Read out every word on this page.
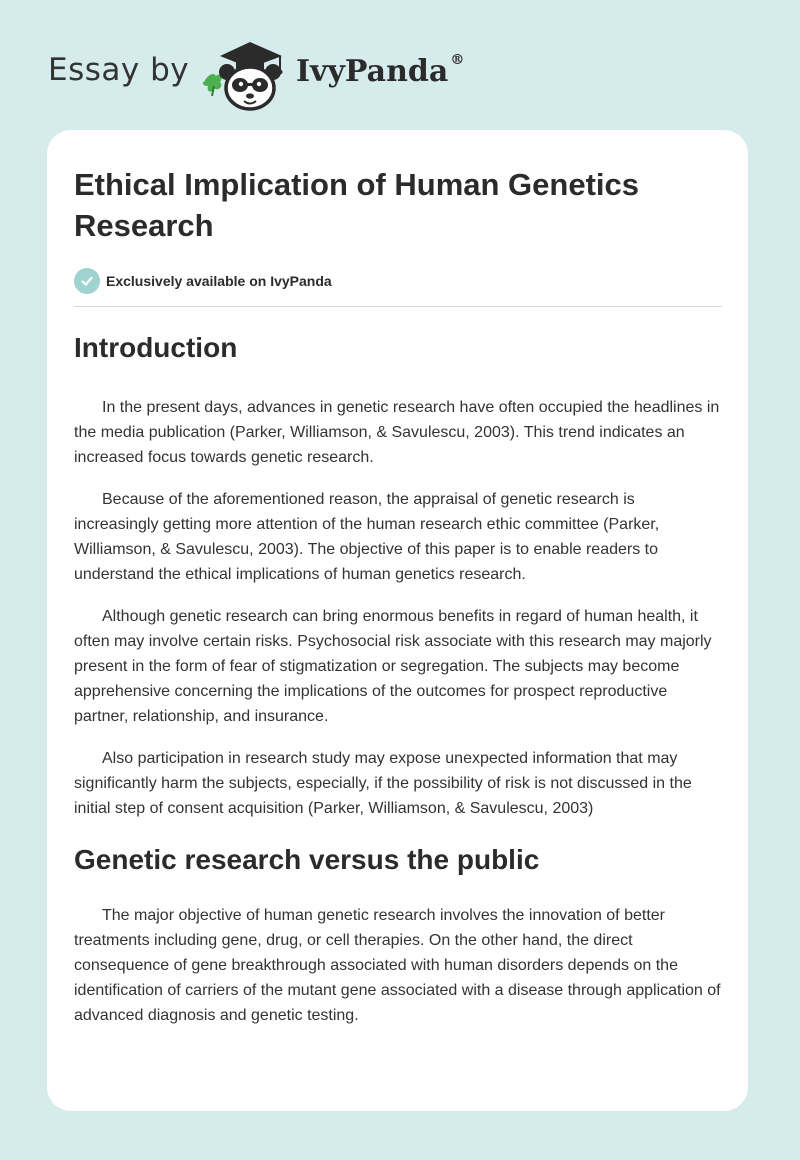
Essay by	IvyPanda ®
Ethical Implication of Human Genetics Research
Exclusively available on IvyPanda
Introduction

In the present days, advances in genetic research have often occupied the headlines in the media publication (Parker, Williamson, & Savulescu, 2003). This trend indicates an increased focus towards genetic research.

Because of the aforementioned reason, the appraisal of genetic research is increasingly getting more attention of the human research ethic committee (Parker, Williamson, & Savulescu, 2003). The objective of this paper is to enable readers to understand the ethical implications of human genetics research.

Although genetic research can bring enormous benefits in regard of human health, it often may involve certain risks. Psychosocial risk associate with this research may majorly present in the form of fear of stigmatization or segregation. The subjects may become apprehensive concerning the implications of the outcomes for prospect reproductive partner, relationship, and insurance.

Also participation in research study may expose unexpected information that may significantly harm the subjects, especially, if the possibility of risk is not discussed in the initial step of consent acquisition (Parker, Williamson, & Savulescu, 2003)

Genetic research versus the public

The major objective of human genetic research involves the innovation of better treatments including gene, drug, or cell therapies. On the other hand, the direct consequence of gene breakthrough associated with human disorders depends on the identification of carriers of the mutant gene associated with a disease through application of advanced diagnosis and genetic testing.
